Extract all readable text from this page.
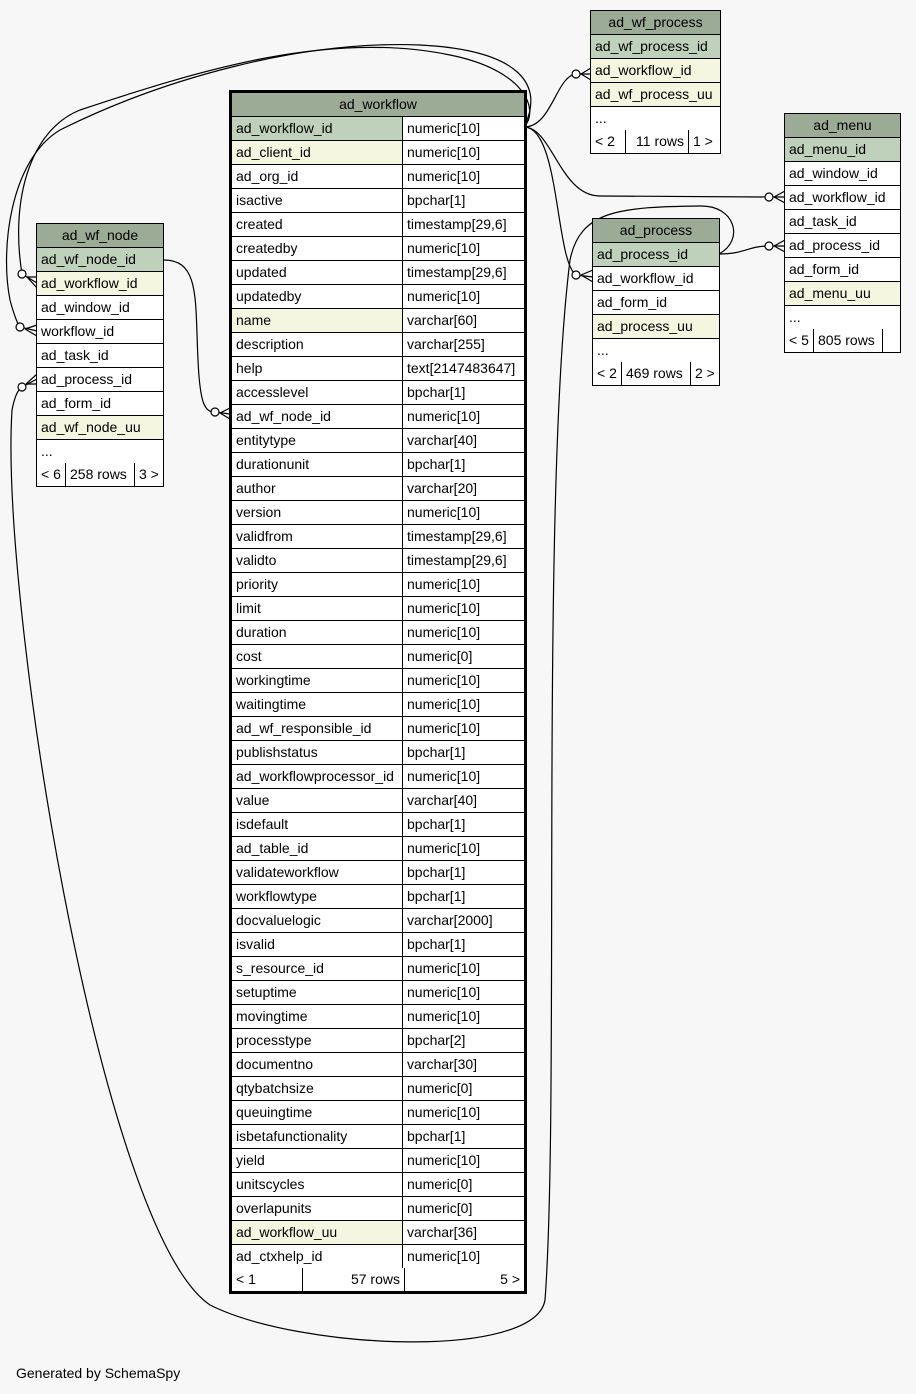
ad_workflow
ad_workflow_id	numeric[10]
ad_client_id	numeric[10]
ad_org_id	numeric[10]
isactive	bpchar[1]
created	timestamp[29,6]
createdby	numeric[10]
updated	timestamp[29,6]
updatedby	numeric[10]
name	varchar[60]
description	varchar[255]
help	text[2147483647]
accesslevel	bpchar[1]
ad_wf_node_id	numeric[10]
entitytype	varchar[40]
durationunit	bpchar[1]
author	varchar[20]
version	numeric[10]
validfrom	timestamp[29,6]
validto	timestamp[29,6]
priority	numeric[10]
limit	numeric[10]
duration	numeric[10]
cost	numeric[0]
workingtime	numeric[10]
waitingtime	numeric[10]
ad_wf_responsible_id	numeric[10]
publishstatus	bpchar[1]
ad_workflowprocessor_id numeric[10]
value	varchar[40]
isdefault	bpchar[1]
ad_table_id	numeric[10]
validateworkflow	bpchar[1]
workflowtype	bpchar[1]
docvaluelogic	varchar[2000]
isvalid	bpchar[1]
s_resource_id	numeric[10]
setuptime	numeric[10]
movingtime	numeric[10]
processtype	bpchar[2]
documentno	varchar[30]
qtybatchsize	numeric[0]
queuingtime	numeric[10]
isbetafunctionality	bpchar[1]
yield	numeric[10]
unitscycles	numeric[0]
overlapunits	numeric[0]
ad_workflow_uu	varchar[36]
ad_ctxhelp_id	numeric[10]
< 1	57 rows	5 >
ad_wf_node
ad_wf_node_id
ad_workflow_id
ad_window_id
workflow_id
ad_task_id
ad_process_id
ad_form_id
ad_wf_node_uu
...
< 6 258 rows 3 >
ad_wf_process
ad_wf_process_id
ad_workflow_id
ad_wf_process_uu
...
< 2	11 rows 1 >
ad_process
ad_process_id
ad_workflow_id
ad_form_id
ad_process_uu
...
< 2 469 rows 2 >
ad_menu
ad_menu_id
ad_window_id
ad_workflow_id
ad_task_id
ad_process_id
ad_form_id
ad_menu_uu
...
< 5 805 rows
Generated by SchemaSpy
